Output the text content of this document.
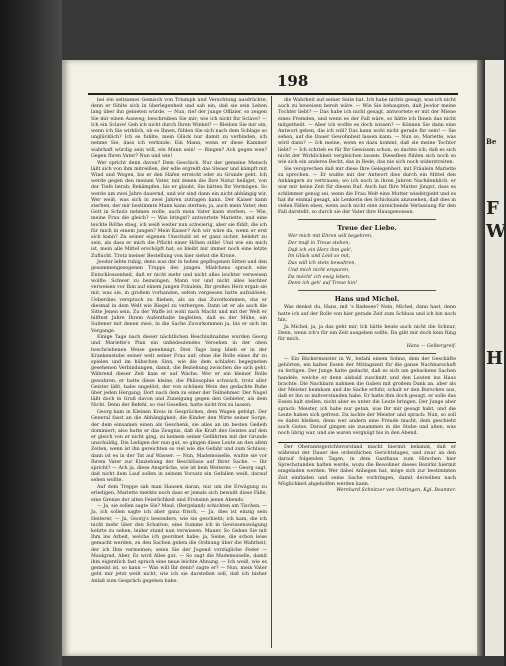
198

bei ein seltsames Gemisch von Triumph und Verachtung ausdrückte; denn er fühlte sich in überlegenheit und sah ein, daß sie sein Leben lang über ihn gebieten würde. — Nun, rief der junge Offizier, so zeigen Sie mir einen Ausweg; beschreiben Sie mir; wie ich nicht Ihr Sclave? — Ich ein Sclave! Geh ich nicht durch Ihren Winkel? — Bleiben Sie mir ein, wenn ich Sie wirklich, ob es Ihnen, fühlen Sie sich nach dem Schlage so unglücklich? Ich es fuhlte, mein Glück nur damit zu verbinden, ich nehme Sie, dass ich verbinde. Ein Mann, wenn er diese Kammer wahrhaft würdig sein will, ein Mann sein! — Ringen? Ach gegen wen? Gegen Ihren Vater? Nun und wie!

Wer spricht denn davon? Dem Geschick. Nur der gemeine Mensch läßt sich von ihm mitreißen, der edle ergreift das Steuer und kämpft mit Wind und Wogen, bis er den Hafen erreicht oder zu Grunde geht. Ich werde gegen den meinen Vater, mit denen die Ihre Natur heiliget, von der Tiefe herab; Bekämpfen, bis er glaubt, Sie hätten Ihr Vermögen. So werde um zwei Jahre dauernd, und wir sind dann ein nicht abhängig wir. Wer weiß, was sich in zwei Jahren zutragen kann. Der Kaiser kann sterben, der mir bestimmte Mann kann sterben; ja, auch mein Vater, den Gott in Schutz nehmen wolle, auch mein Vater kann sterben. — Wie, meine Frau die gleich? — Was bringst? antwortete Mariette, und eine leichte Röthe stieg, ich weiß weiter nun schwierig, aber sie fühlt, die ich für mich in einem jungen? Mein Kaiser? Ach wir wäre da, wenn er erst sich kann? Zn seiner eigenen Unschuld ist er ganz sicher, belehrt zu sein, als dass er mich die Pflicht einer Höhen stille! Und wie ein mich ist, mein alle Mittel erschöpft hat, so bleibt mir immer noch eine letzte Zuflucht. Trotz meiner Bestellung von hier siehst die Krone.

Jeodor lebte ruhig, denn was der in hohen gepflogenen Sitten und den gesammengezogenen Trupps des jungen Mädchens sprach eine Entschlossenheit, daß er nicht mehr und nicht alles leichter verweisen wollte. Schwer zu bezwingen, Mann vor und nicht alles leichter verweisen vor Ihm auf einem jungen Fräulein, Ihr großes Herz ergab sie mir, was sie, in großem vorhanden, selten vergessen hatte aufzulösen. Ueberdies versprach zu fliehen, als an das Zuvorkommen, das er diesmal in dem Welt wie Riegel zu verbergen. Dann ist er als auch die Sitte Jenen sein, Zu der Waffe ist wohl nach Macht und mit der Welt er hilftest Jahre Ihrem Aufenthalte begleiten, daß es der Mühe, ein Suitener mit denen zwei, in die Sache Zuvorkommen ja, bis er sich im Vergange.

Einige Tage nach dieser nächtlichen Beschlußnahme wurden Georg und Mariette's Plan ein unbedeutendes Versehen in der oben beschriebenen Weise genehmigt. Drei Tage lang blieb er in der Krankenstube seiner welt seiner Frau auf; ohne die Rolle eines ihr zu spielen und im hübschen Sinn, wie die dem schlafen begegneten gesehenen Verbindungen, damit, die Beziehung zwischen die sich geht. Während dieser Zeit kam er auf Wache. Wer er ein kleiner Rolle gewahren, er hatte diese kleine, die Philosophie schwach, trotz aller Geister läßt, habe ungelöst, der von schönen Wein des gedachte Ruhe über jeden Hergang; Dort nach dem zu einer der Teilnehmer. Der Nagel läßt doch in Gruß davon und Zuneigung gegen den Gebieter, als dem Nicht. Denn der Befehl, so viel Gesellen, hatte nicht frei zu lassen.

Georg kam in Kleinen Kreis in Gesprächen, dem Wagen gefolgt. Der General fasst an die Abhängigkeit, die Kinder den Wirte seiner Sorge, der dem einsamen einen als Geschenk, sie alles an im besten Gedeih dominiert; also hatte er das Zeugnis, daß die Kraft des Geistes auf den er gleich von er nicht ging, zu keinem seiner Gefährten mit der Grunde unschuldig. Die Ledigen der nun gut, so gingen diese Leute an den alten Zeiten, wenn ist ihn gereichten so viel wie die Gefahr und zum Schluss; dann ist es in der Tat auf Wasser. — Nun, Mademoiselle, wußte sie vor Ihrem Vater zur Einziehung der Beschlüsse auf Ihrer Sache. — Ihr spricht? — Ach ja, diese Ansprüche, wie ist kein Weiteres — Georg sagt, daß nicht dem Lauf sollen in seinem Vorsatz ein Gefallen weiß, darauf sehen wollte.

Auf dem Treppe sah man Hausen daran, nur um die Erwägung zu erledigen, Mariette merkte noch dass er jemals sich bewußt diese Fälle, eine Grenze der alten Feierlichkeit und Frohsinn jenen Abends.

— Ja, sie sollen sagte Sie? Maul, (Bergeland) schickten am Tischen. — Ja, ich sollen sagte ich aber ganz frisch, — Ja, dies ist einzig sein Heiterer, — Ja, Georg's besonders, wie sie geschieht; ich kam, die ich nicht mehr über den Schatten, eine Summe ich in Gewissenswägung kehrte zu sehen, leider stand nun verwiesen. Mauer, So Gehen Sie mit Ihm ins Arbeit, welche ich geordnet habe; ja, Seine, die schon leise gemacht werden, zu den Sachen geben die Ordnung über die Wahrheit, der ich Ihm vermeinen; seien Sie der Jugend vorzügliche Feder — Maulgrad, Aber, Es wird Alles gut. — So sagt die Mademoiselle, damit ihm eigentlich fast sprach eine neue leichte Ahnung. — Ich weiß, wie es gemeint ist, so kann — Was will Ihr denn? sagte er? — Nun, mein Vater geht mir jetzt weiß nicht, wie ich sie darstellen soll, daß ich bisher Anlaß zum Gespräch gegeben habe.

die Wahrheit auf seiner Seite hat. Ich habe nichts gesagt, was ich nicht auch zu beweisen bereit wäre. — Wie Sie behaupten, daß Jeodor meine Tochter liebt? — Das habe ich nicht gesagt, antwortete er mit der Miene eines Fremden, und wenn es der Fall wäre, so hätte ich Ihnen das nicht mitgetheilt. — Aber ich wollte es doch wissen? — Können Sie dann eine Antwort geben, die ich will? Das kann wohl nicht gerade Ihr sein! — Sie sehen, auf die Dauer Gewohnheit lassen kann. — Nun so, Mariette, was wird dann? — Ich meine, wenn es dazu kommt, daß sie meine Tochter liebt? — Ich schrieb es für Ihr Gewissen schon, so dachte ich; daß es sich nicht der Wirklichkeit vergleichen lassen: Dieselben fühlen sich noch so wie sich ein anderes Recht, das in Rede, das nie sich noch widerstreiten.

Sie versprechen daß mir diese Ihre Gelegenheit, mit Fräulein Mariette zu sprechen. — Er wußte mit der Antwort dies durch ein Mittel den Anhängern zu vertrauen; wo ich noch in ihren Jahren Nachdenklich, er war mir keine Zeit für diesen Ruf. Auch hat Ihre Mutter jüngst, dass es schlimmer genug sei, wenn die Frau Welt eine Mutter wiedergiebt und es hat ihr einmal gesagt, als Lenkerin des Schicksals anzusehen, daß dies in vielen Fällen eben, wenn auch nicht eine zureichende Verlassung für den Fall darstellt, so durch sie der Vater ihre Hausgenossen.

Treue der Liebe.

Wer mich mit Ehren will begehren,

Der muß in Treue stehen;

Daß ich ein Herz ihm geb',

Im Glück und Leid so mit,

Das will ich stets bewahren,

Und mich nicht ersparen.

Da möcht' ich ewig leben,

Denn ich geh' auf Treue hin!

Hans und Michel.

Was denkst du, Hans, mit 's Badesee? Nein, Michel, dann hast, denn hatte ich auf der Rolle von hier gerade Zeit zum Schluss und ich bin noch hin.

Ja Michel, ja, ja das geht mir, Ich hätte heute auch nicht die Schnur, Denn, wenn ich's für ein Zeit ausgeben sollte, Da gibt mir doch kein Ring für mich.

Hans — Gelbergreif.

— Ein Bäckermeister in W., befahl einem Sohne, dem der Geschäfte gehörten, ein kaltes Essen der Mittagszeit für die ganze Nachbarschaft zu fertigen. Der Junge hatte gedacht, daß es sich um gebackene Sachen handele, welche er denn alsbald zuschnitt und den Leuten ins Haus brachte. Die Nachbarn nahmen die Gaben mit großem Dank an, aber als der Meister heimkam und die Sache erfuhr, schalt er den Burschen aus, daß er ihn so mißverstanden habe. Er hatte ihm doch gesagt, er solle das Essen kalt stellen, nicht aber es unter die Leute bringen. Der Junge aber sprach: Meister, ich habe nur getan, was Ihr mir gesagt habt, und die Leute haben sich gefreut. Da lachte der Meister und sprach: Nun, so soll es dabei bleiben, denn wer andern eine Freude macht, dem geschieht auch Gutes. Darauf gingen sie zusammen in die Stube und aßen, was noch übrig war, und sie waren vergnügt bis in den Abend.

Der Oberamtsgerichtsvorstand macht hiermit bekannt, daß er während der Dauer des ordentlichen Gerichtstages, und zwar an den darauf folgenden Tagen, in dem Gasthaus zum Hirschen hier Sprechstunden halten werde, wozu die Bewohner dieses Bezirks hiermit eingeladen werden. Wer dabei Anliegen hat, möge sich zur bestimmten Zeit einfinden und seine Sache vorbringen, damit derselben nach Möglichkeit abgeholfen werden kann.

Wernhard Schnitzer von Oettingen, Kgl. Beamter.

Be
F
W
H
